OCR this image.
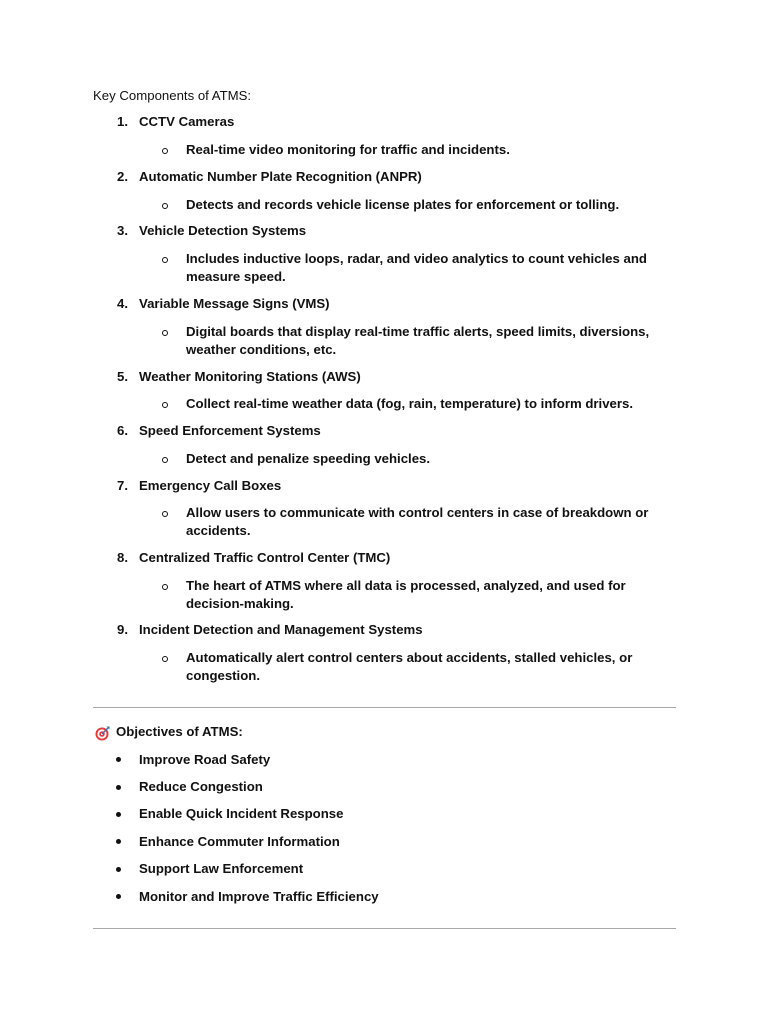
Key Components of ATMS:
1. CCTV Cameras
Real-time video monitoring for traffic and incidents.
2. Automatic Number Plate Recognition (ANPR)
Detects and records vehicle license plates for enforcement or tolling.
3. Vehicle Detection Systems
Includes inductive loops, radar, and video analytics to count vehicles and
measure speed.
4. Variable Message Signs (VMS)
Digital boards that display real-time traffic alerts, speed limits, diversions,
weather conditions, etc.
5. Weather Monitoring Stations (AWS)
Collect real-time weather data (fog, rain, temperature) to inform drivers.
6. Speed Enforcement Systems
Detect and penalize speeding vehicles.
7. Emergency Call Boxes
Allow users to communicate with control centers in case of breakdown or
accidents.
8. Centralized Traffic Control Center (TMC)
The heart of ATMS where all data is processed, analyzed, and used for
decision-making.
9. Incident Detection and Management Systems
Automatically alert control centers about accidents, stalled vehicles, or
congestion.
Objectives of ATMS:
Improve Road Safety
Reduce Congestion
Enable Quick Incident Response
Enhance Commuter Information
Support Law Enforcement
Monitor and Improve Traffic Efficiency
